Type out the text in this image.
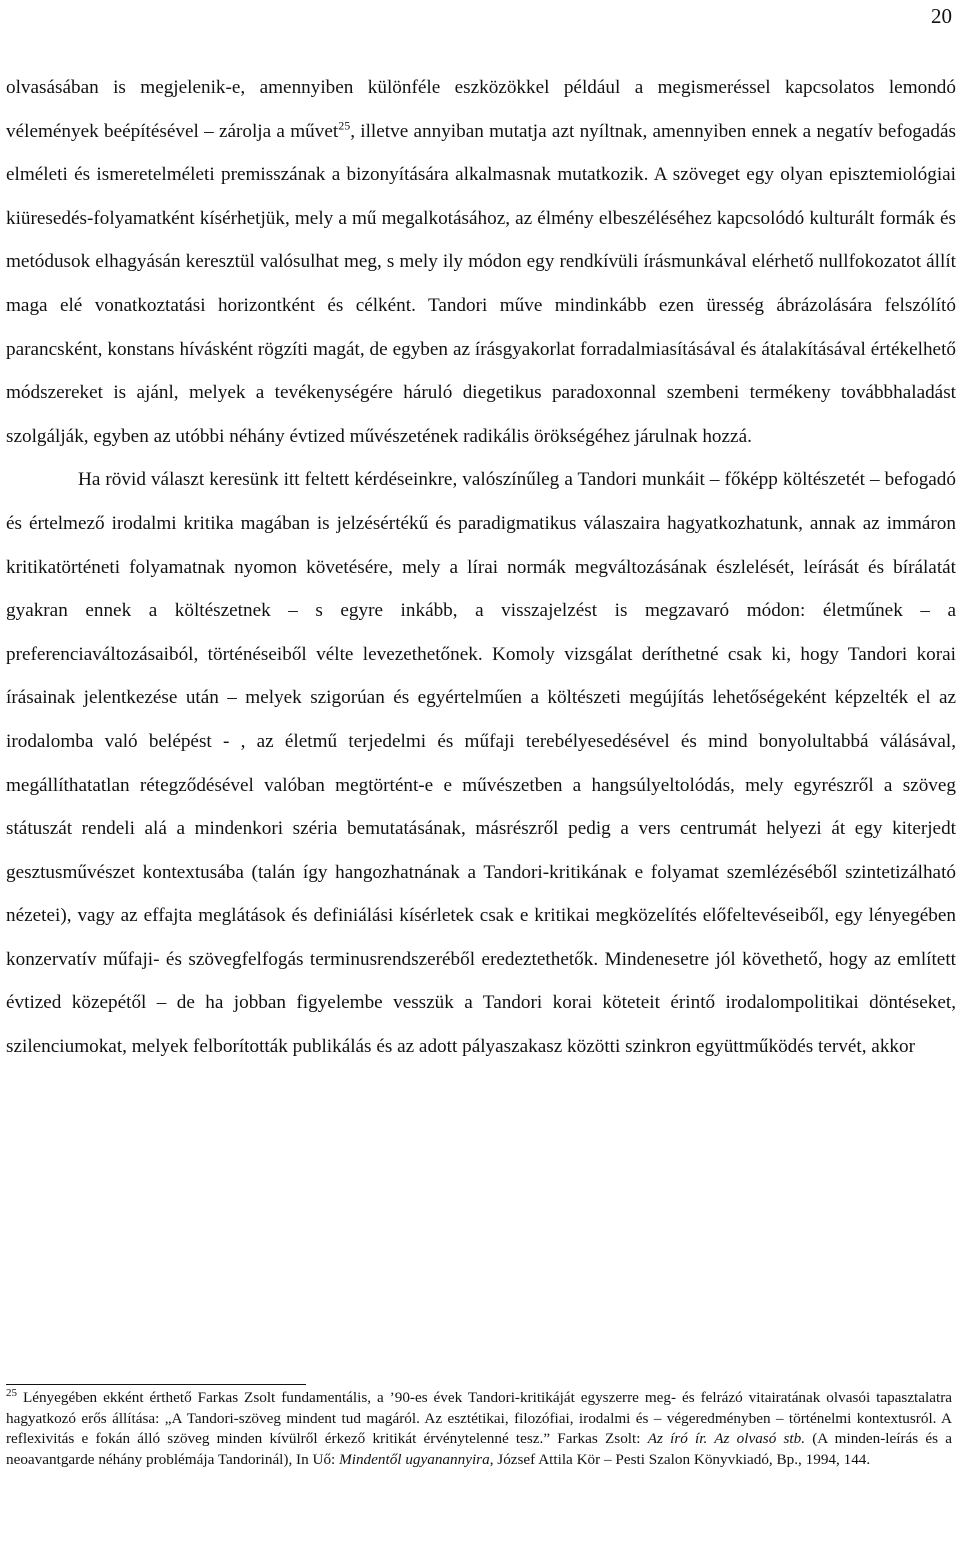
20

olvasásában is megjelenik-e, amennyiben különféle eszközökkel például a megismeréssel kapcsolatos lemondó vélemények beépítésével – zárolja a művet$^{25}$, illetve annyiban mutatja azt nyíltnak, amennyiben ennek a negatív befogadás elméleti és ismeretelméleti premisszának a bizonyítására alkalmasnak mutatkozik. A szöveget egy olyan episztemiológiai kiüresedés-folyamatként kísérhetjük, mely a mű megalkotásához, az élmény elbeszéléséhez kapcsolódó kulturált formák és metódusok elhagyásán keresztül valósulhat meg, s mely ily módon egy rendkívüli írásmunkával elérhető nullfokozatot állít maga elé vonatkoztatási horizontként és célként. Tandori műve mindinkább ezen üresség ábrázolására felszólító parancsként, konstans hívásként rögzíti magát, de egyben az írásgyakorlat forradalmiasításával és átalakításával értékelhető módszereket is ajánl, melyek a tevékenységére háruló diegetikus paradoxonnal szembeni termékeny továbbhaladást szolgálják, egyben az utóbbi néhány évtized művészetének radikális örökségéhez járulnak hozzá.

Ha rövid választ keresünk itt feltett kérdéseinkre, valószínűleg a Tandori munkáit – főképp költészetét – befogadó és értelmező irodalmi kritika magában is jelzésértékű és paradigmatikus válaszaira hagyatkozhatunk, annak az immáron kritikatörténeti folyamatnak nyomon követésére, mely a lírai normák megváltozásának észlelését, leírását és bírálatát gyakran ennek a költészetnek – s egyre inkább, a visszajelzést is megzavaró módon: életműnek – a preferenciaváltozásaiból, történéseiből vélte levezethetőnek. Komoly vizsgálat deríthetné csak ki, hogy Tandori korai írásainak jelentkezése után – melyek szigorúan és egyértelműen a költészeti megújítás lehetőségeként képzelték el az irodalomba való belépést - , az életmű terjedelmi és műfaji terebélyesedésével és mind bonyolultabbá válásával, megállíthatatlan rétegződésével valóban megtörtént-e e művészetben a hangsúlyeltolódás, mely egyrészről a szöveg státuszát rendeli alá a mindenkori széria bemutatásának, másrészről pedig a vers centrumát helyezi át egy kiterjedt gesztusművészet kontextusába (talán így hangozhatnának a Tandori-kritikának e folyamat szemlézéséből szintetizálható nézetei), vagy az effajta meglátások és definiálási kísérletek csak e kritikai megközelítés előfeltevéseiből, egy lényegében konzervatív műfaji- és szövegfelfogás terminusrendszeréből eredeztethetők. Mindenesetre jól követhető, hogy az említett évtized közepétől – de ha jobban figyelembe vesszük a Tandori korai köteteit érintő irodalompolitikai döntéseket, szilenciumokat, melyek felborították publikálás és az adott pályaszakasz közötti szinkron együttműködés tervét, akkor

$^{25}$ Lényegében ekként érthető Farkas Zsolt fundamentális, a ’90-es évek Tandori-kritikáját egyszerre meg- és felrázó vitairatának olvasói tapasztalatra hagyatkozó erős állítása: „A Tandori-szöveg mindent tud magáról. Az esztétikai, filozófiai, irodalmi és – végeredményben – történelmi kontextusról. A reflexivitás e fokán álló szöveg minden kívülről érkező kritikát érvénytelenné tesz.” Farkas Zsolt: Az író ír. Az olvasó stb. (A minden-leírás és a neoavantgarde néhány problémája Tandorinál), In Uő: Mindentől ugyanannyira, József Attila Kör – Pesti Szalon Könyvkiadó, Bp., 1994, 144.
